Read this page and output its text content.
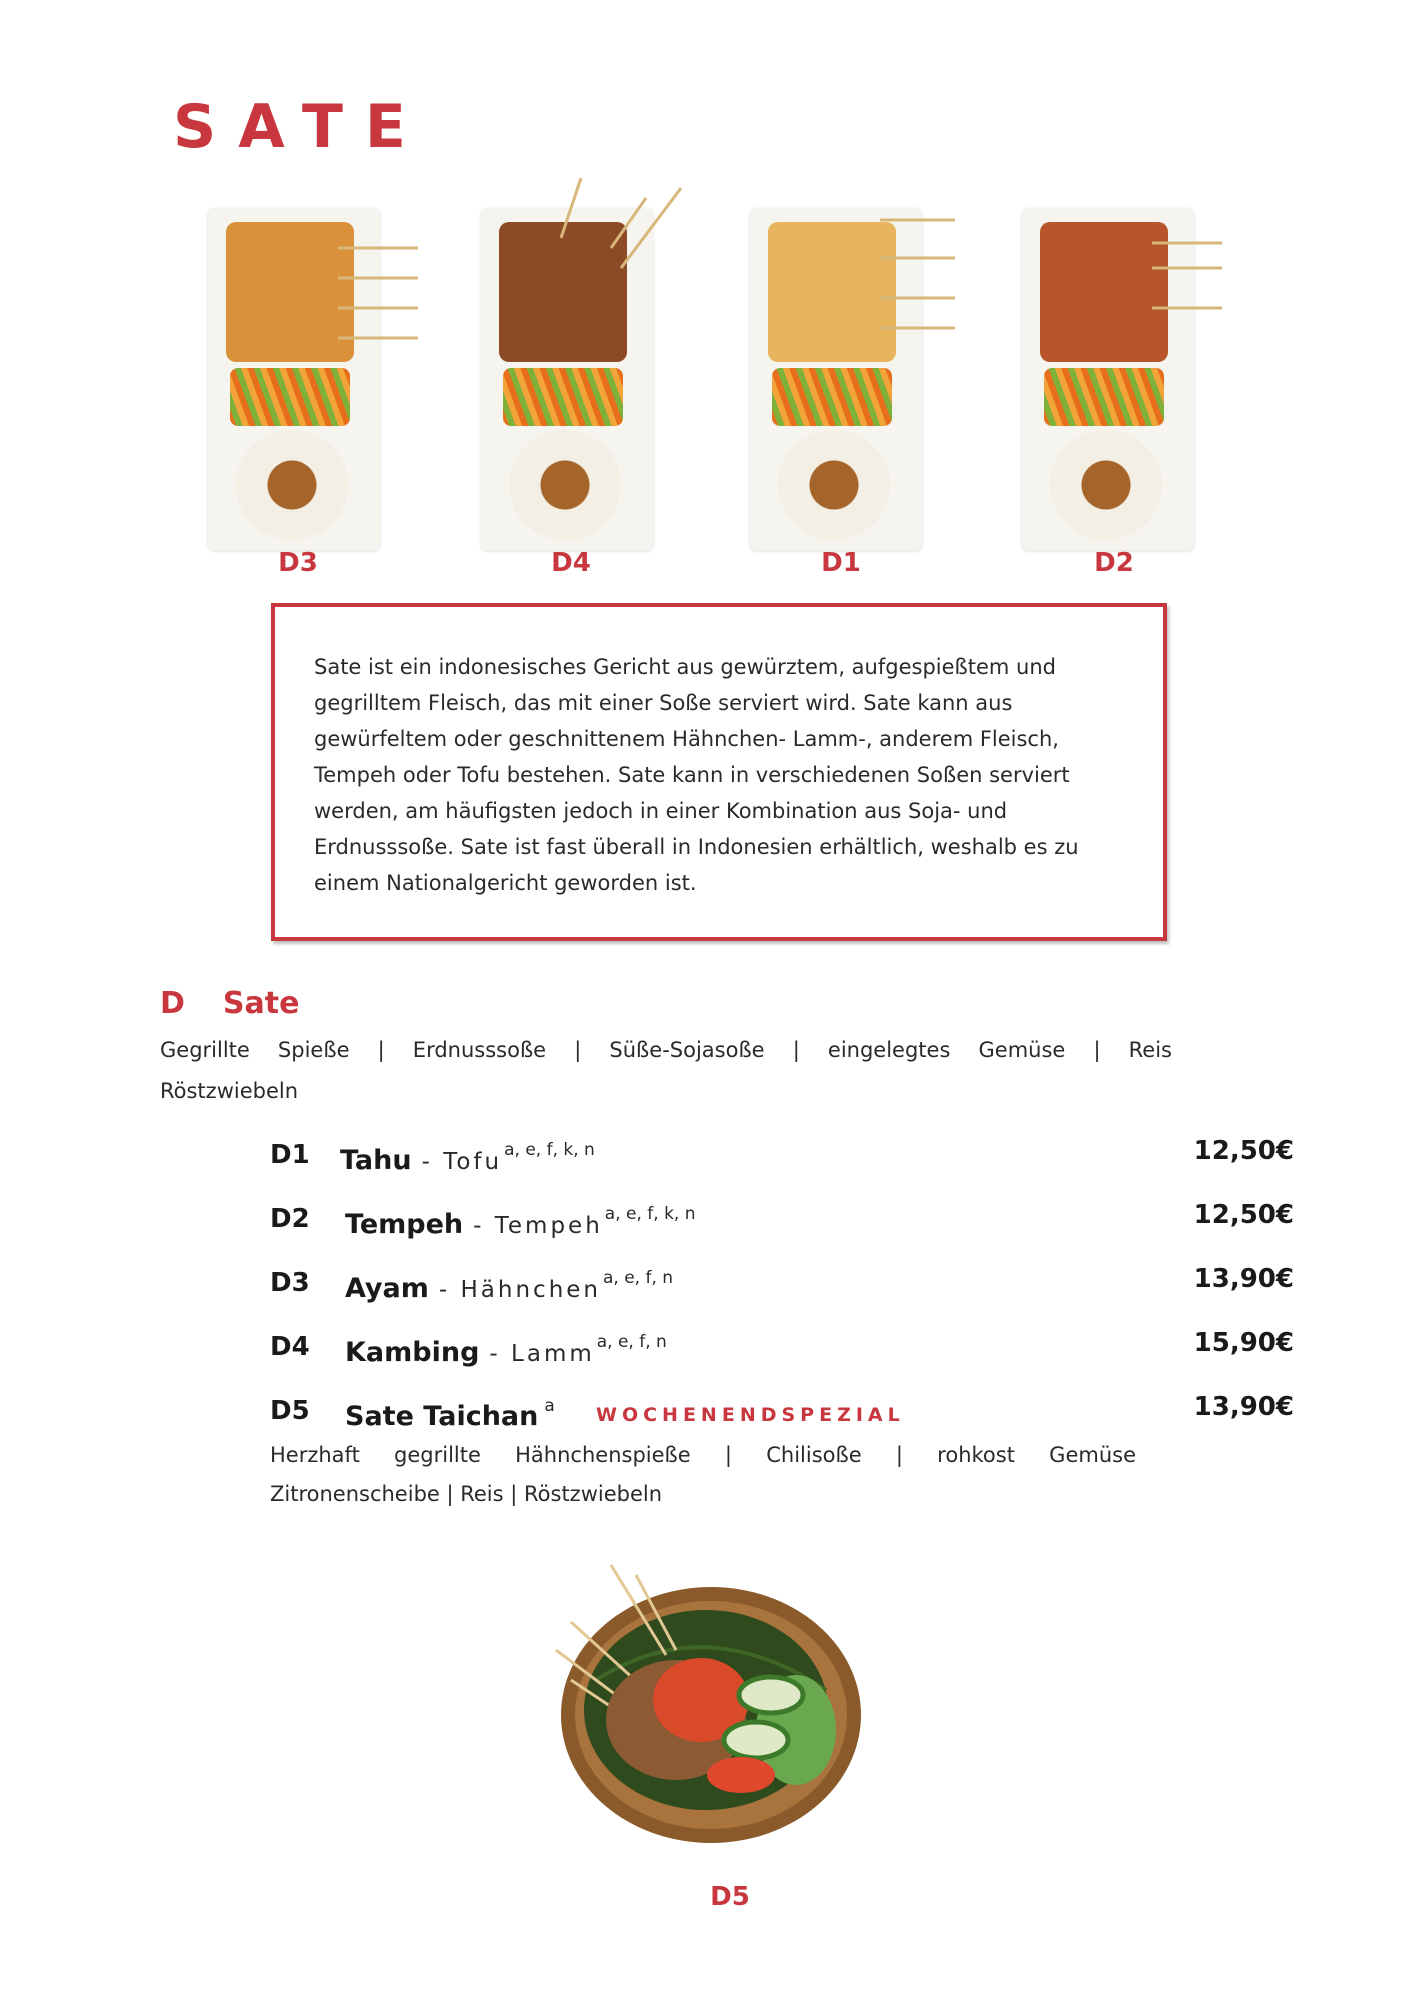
SATE
D3	D4	D1	D2
Sate ist ein indonesisches Gericht aus gewürztem, aufgespießtem und gegrilltem Fleisch, das mit einer Soße serviert wird. Sate kann aus gewürfeltem oder geschnittenem Hähnchen- Lamm-, anderem Fleisch, Tempeh oder Tofu bestehen. Sate kann in verschiedenen Soßen serviert werden, am häufigsten jedoch in einer Kombination aus Soja- und Erdnusssoße. Sate ist fast überall in Indonesien erhältlich, weshalb es zu einem Nationalgericht geworden ist.
D Sate
Gegrillte Spieße | Erdnusssoße | Süße-Sojasoße | eingelegtes Gemüse | Reis
Röstzwiebeln
D1 Tahu - Tofu $^{a, e, f, k, n}$	12,50€
D2 Tempeh - Tempeh $^{a, e, f, k, n}$	12,50€
D3 Ayam - Hähnchen $^{a, e, f, n}$	13,90€
D4 Kambing - Lamm $^{a, e, f, n}$	15,90€
D5 Sate Taichan $^a$ WOCHENENDSPEZIAL	13,90€
Herzhaft gegrillte Hähnchenspieße | Chilisoße | rohkost Gemüse
Zitronenscheibe | Reis | Röstzwiebeln
D5
